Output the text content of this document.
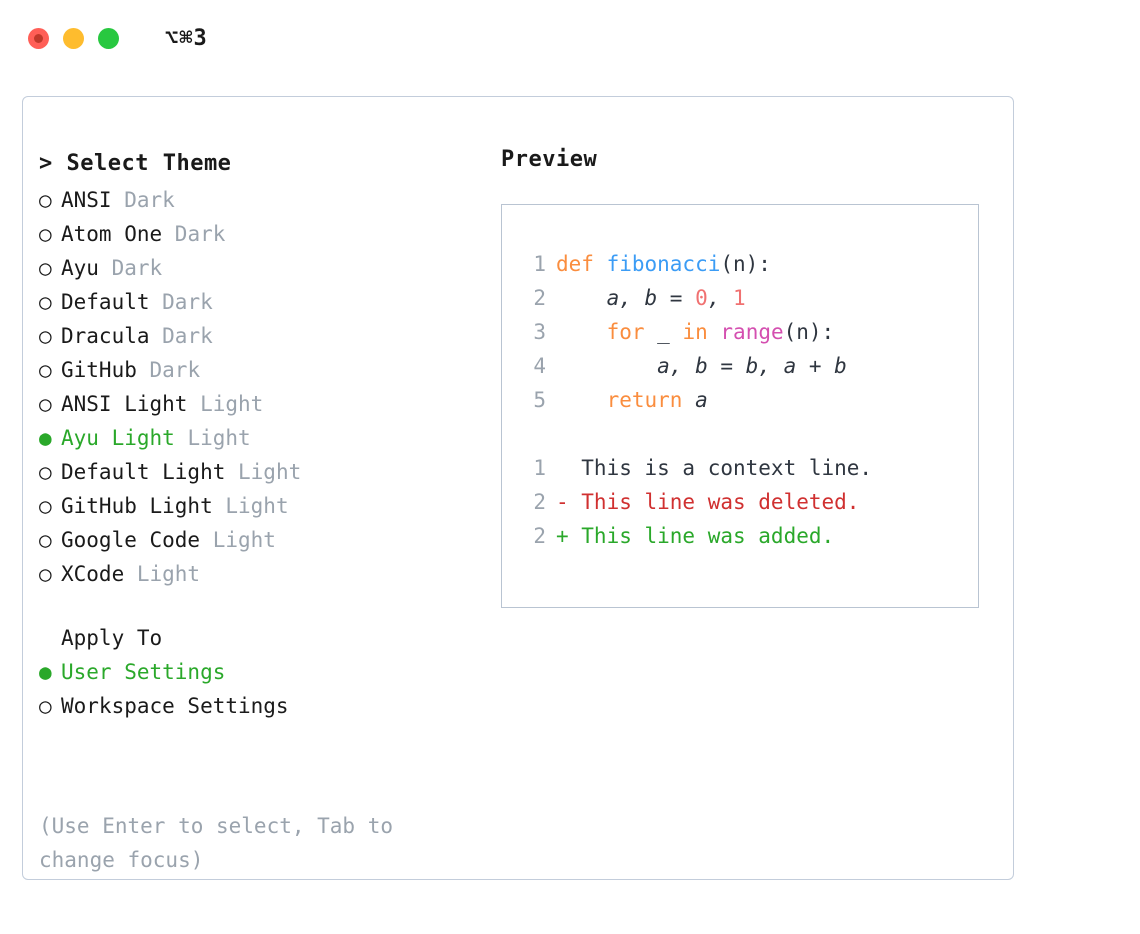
⌥⌘3
> Select Theme
○ ANSI Dark
○ Atom One Dark
○ Ayu Dark
○ Default Dark
○ Dracula Dark
○ GitHub Dark
○ ANSI Light Light
● Ayu Light Light
○ Default Light Light
○ GitHub Light Light
○ Google Code Light
○ XCode Light
Apply To
● User Settings
○ Workspace Settings
(Use Enter to select, Tab to change focus)
Preview
1 def fibonacci(n):
2    a, b = 0, 1
3	for _ in range(n):
4        a, b = b, a + b
5	return a
1  This is a context line.
2 - This line was deleted.
2 + This line was added.
